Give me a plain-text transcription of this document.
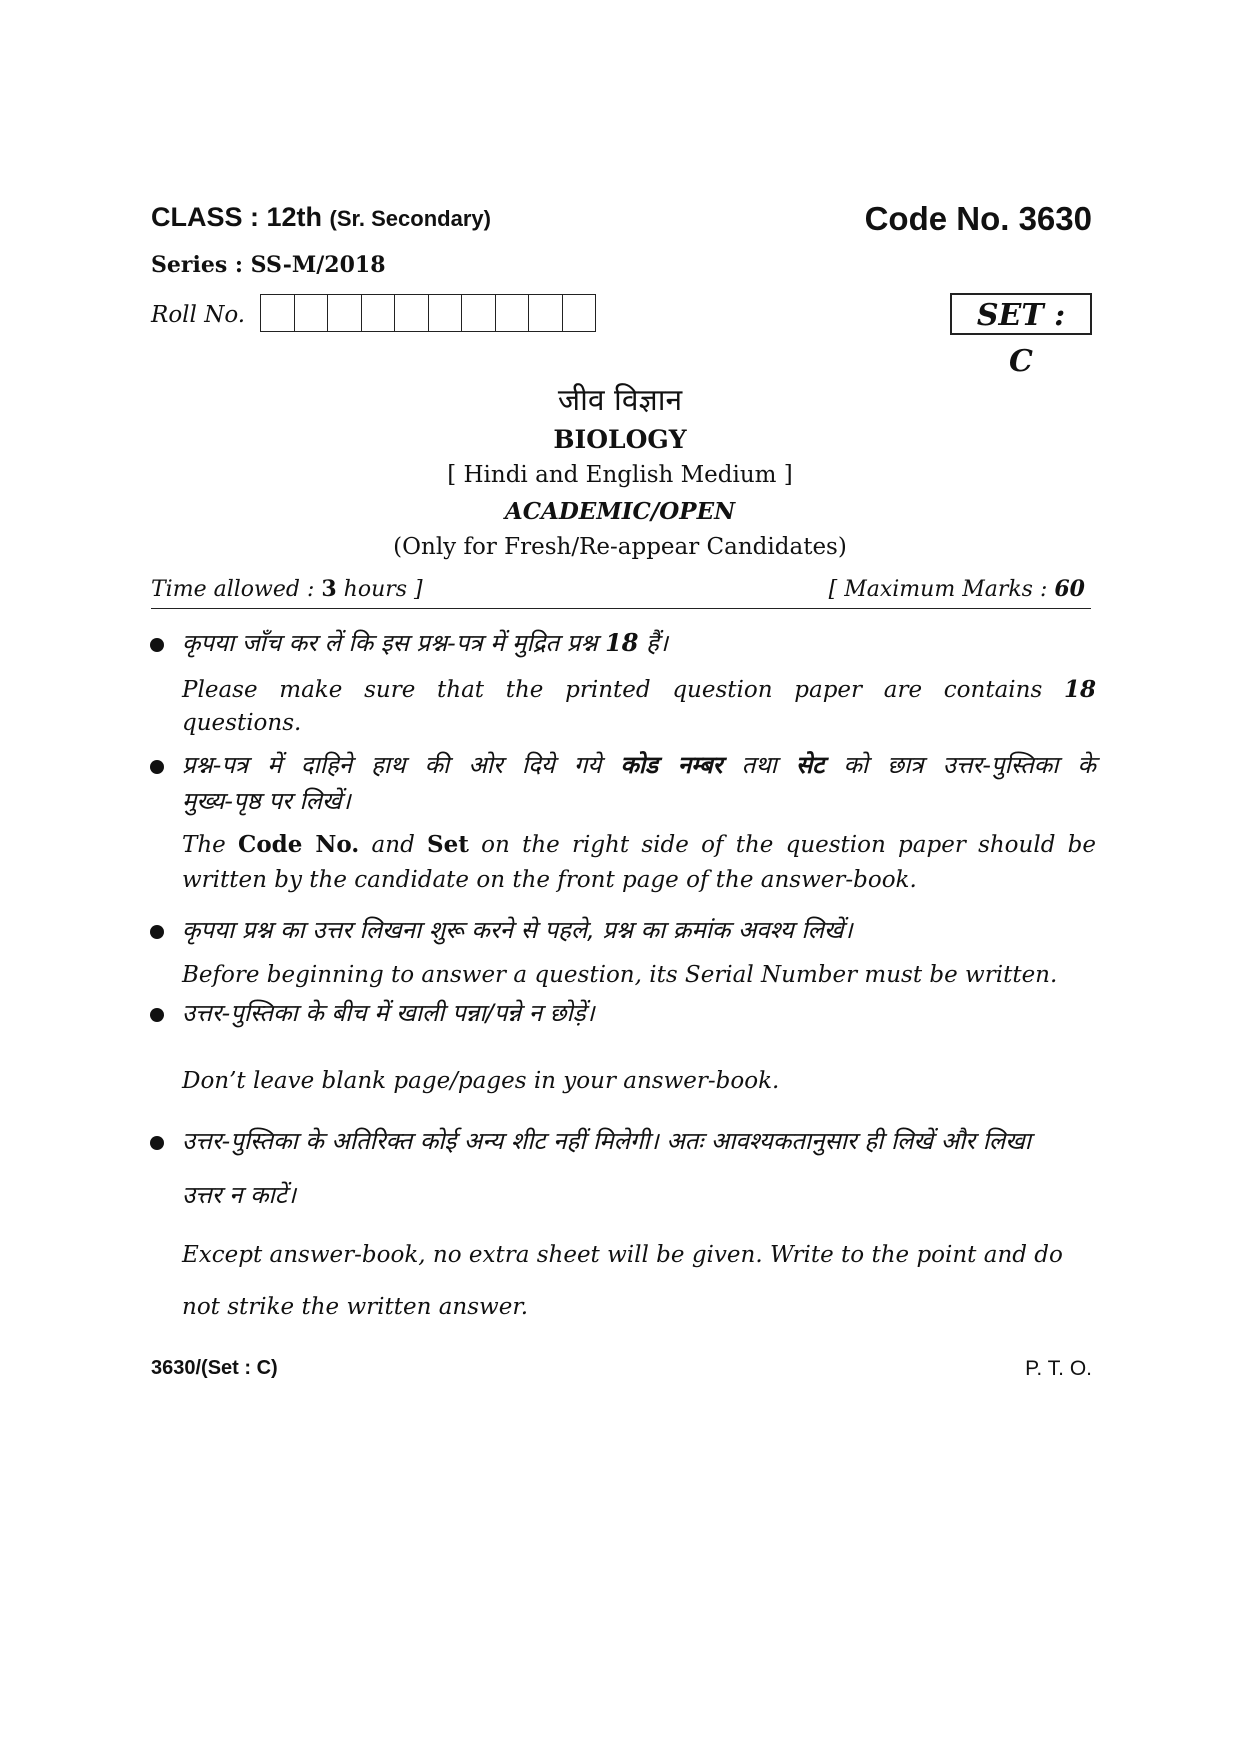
CLASS : 12th (Sr. Secondary)	Code No. 3630
Series : SS-M/2018
Roll No.	SET : C
जीव विज्ञान
BIOLOGY
[ Hindi and English Medium ]
ACADEMIC/OPEN
(Only for Fresh/Re-appear Candidates)
Time allowed : 3 hours ]	[ Maximum Marks : 60
कृपया जाँच कर लें कि इस प्रश्न-पत्र में मुद्रित प्रश्न 18 हैं।
Please make sure that the printed question paper are contains 18
questions.
प्रश्न-पत्र में दाहिने हाथ की ओर दिये गये कोड नम्बर तथा सेट को छात्र उत्तर-पुस्तिका के
मुख्य-पृष्ठ पर लिखें।
The Code No. and Set on the right side of the question paper should be
written by the candidate on the front page of the answer-book.
कृपया प्रश्न का उत्तर लिखना शुरू करने से पहले, प्रश्न का क्रमांक अवश्य लिखें।
Before beginning to answer a question, its Serial Number must be written.
उत्तर-पुस्तिका के बीच में खाली पन्ना/पन्ने न छोड़ें।
Don’t leave blank page/pages in your answer-book.
उत्तर-पुस्तिका के अतिरिक्त कोई अन्य शीट नहीं मिलेगी। अतः आवश्यकतानुसार ही लिखें और लिखा
उत्तर न काटें।
Except answer-book, no extra sheet will be given. Write to the point and do
not strike the written answer.
3630/(Set : C)	P. T. O.
